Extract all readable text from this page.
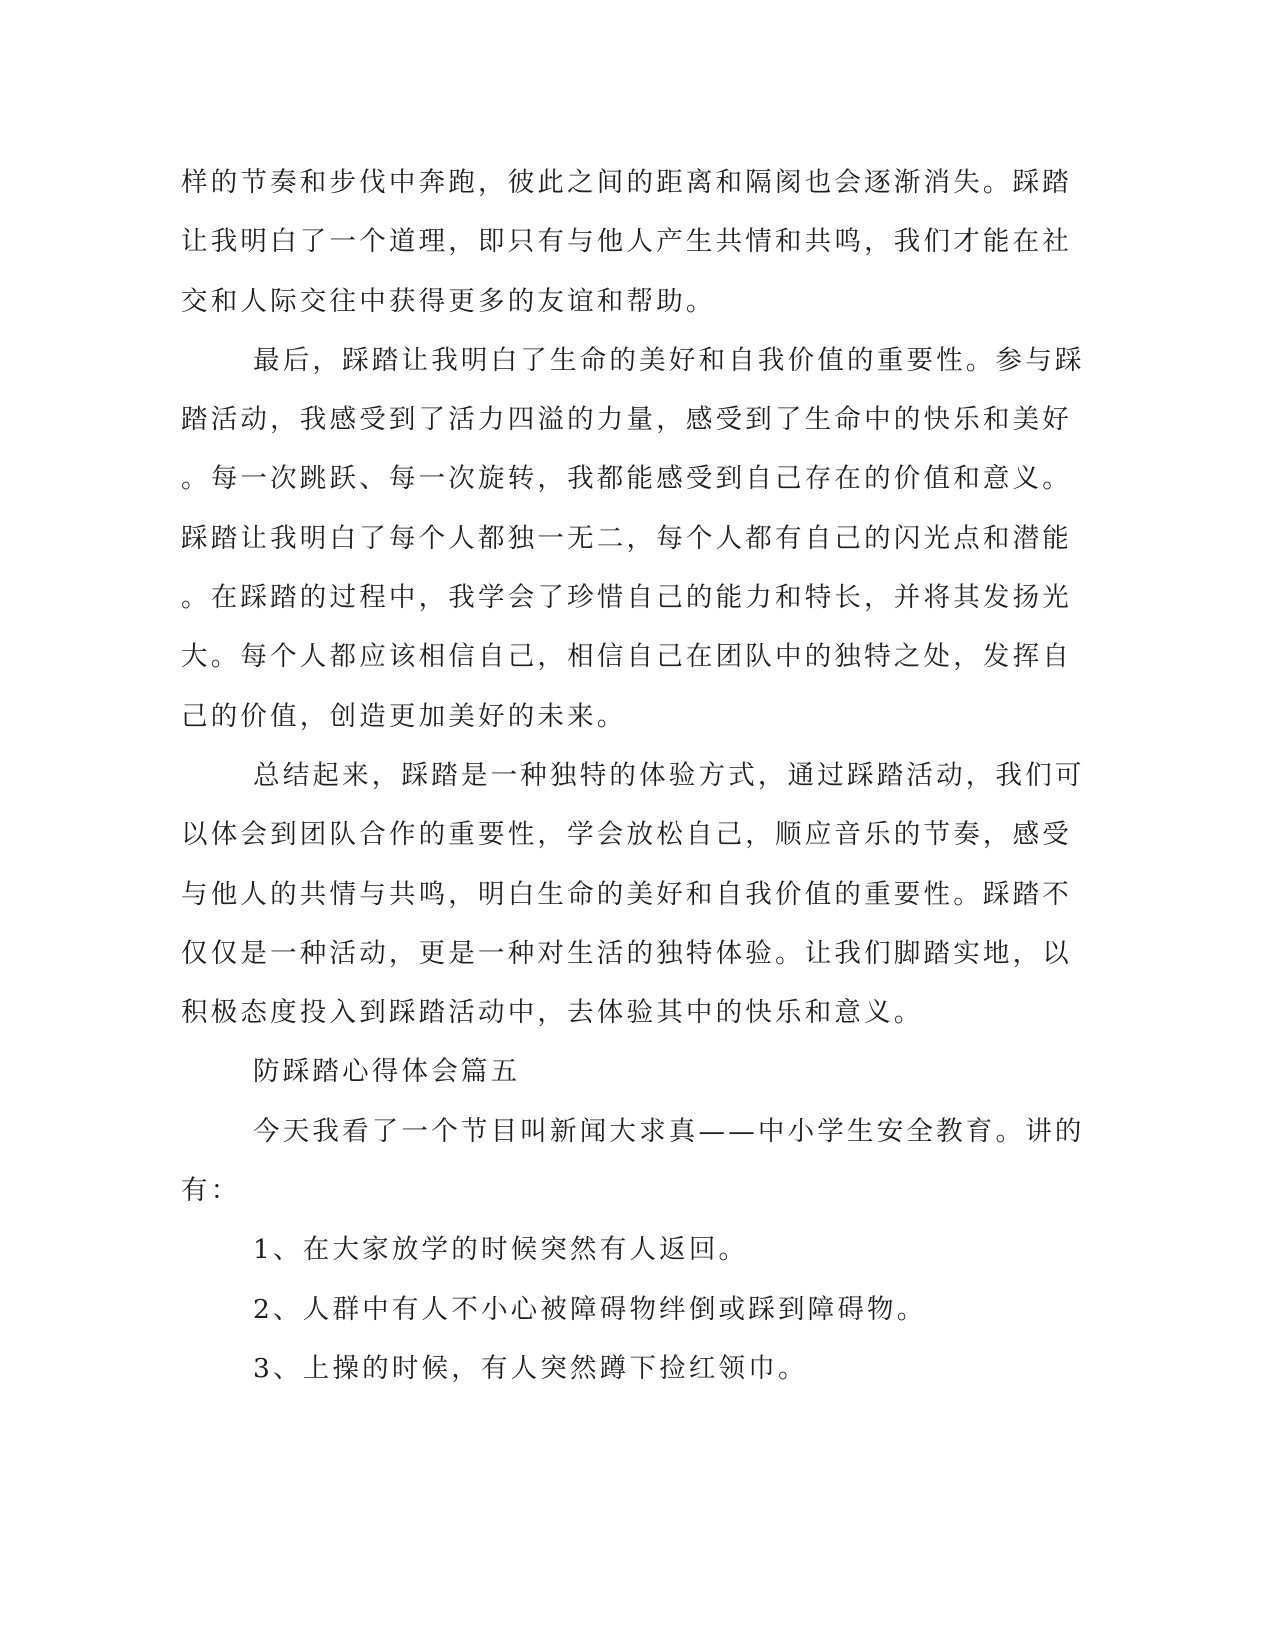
样的节奏和步伐中奔跑，彼此之间的距离和隔阂也会逐渐消失。踩踏
让我明白了一个道理，即只有与他人产生共情和共鸣，我们才能在社
交和人际交往中获得更多的友谊和帮助。
最后，踩踏让我明白了生命的美好和自我价值的重要性。参与踩
踏活动，我感受到了活力四溢的力量，感受到了生命中的快乐和美好
。每一次跳跃、每一次旋转，我都能感受到自己存在的价值和意义。
踩踏让我明白了每个人都独一无二，每个人都有自己的闪光点和潜能
。在踩踏的过程中，我学会了珍惜自己的能力和特长，并将其发扬光
大。每个人都应该相信自己，相信自己在团队中的独特之处，发挥自
己的价值，创造更加美好的未来。
总结起来，踩踏是一种独特的体验方式，通过踩踏活动，我们可
以体会到团队合作的重要性，学会放松自己，顺应音乐的节奏，感受
与他人的共情与共鸣，明白生命的美好和自我价值的重要性。踩踏不
仅仅是一种活动，更是一种对生活的独特体验。让我们脚踏实地，以
积极态度投入到踩踏活动中，去体验其中的快乐和意义。
防踩踏心得体会篇五
今天我看了一个节目叫新闻大求真——中小学生安全教育。讲的
有：
1、在大家放学的时候突然有人返回。
2、人群中有人不小心被障碍物绊倒或踩到障碍物。
3、上操的时候，有人突然蹲下捡红领巾。
